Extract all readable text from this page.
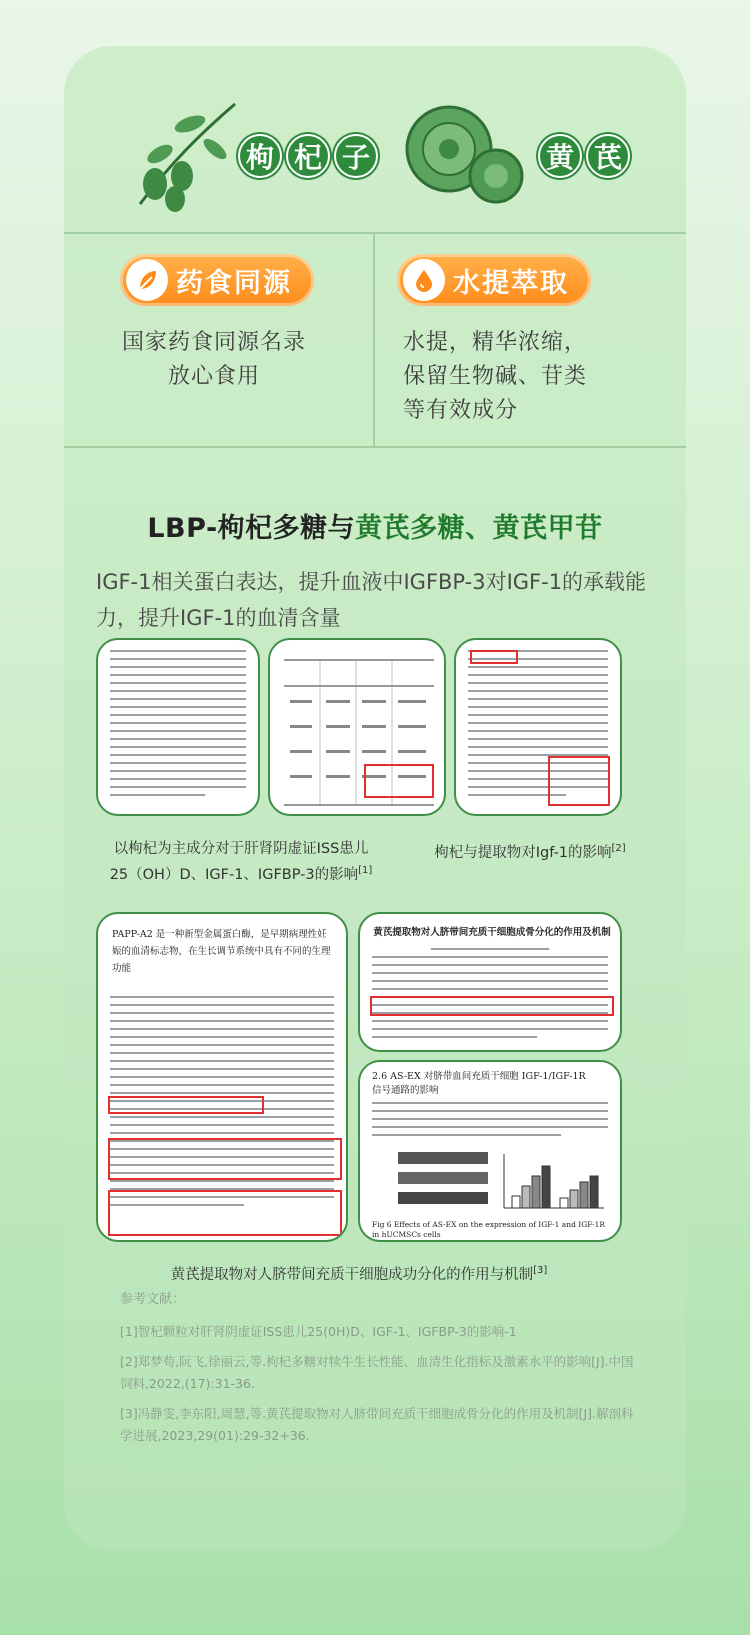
枸 杞 子	黄 芪
药食同源
国家药食同源名录
放心食用
水提萃取
水提，精华浓缩，
保留生物碱、苷类
等有效成分
LBP-枸杞多糖与黄芪多糖、黄芪甲苷
IGF-1相关蛋白表达，提升血液中IGFBP-3对IGF-1的承载能力，提升IGF-1的血清含量
以枸杞为主成分对于肝肾阴虚证ISS患儿
25（OH）D、IGF-1、IGFBP-3的影响[1]
枸杞与提取物对Igf-1的影响[2]
PAPP-A2 是一种新型金属蛋白酶，是早期病理性妊娠的血清标志物，在生长调节系统中具有不同的生理功能
黄芪提取物对人脐带间充质干细胞成骨分化的作用及机制
2.6 AS-EX 对脐带血间充质干细胞 IGF-1/IGF-1R
信号通路的影响
Fig 6 Effects of AS-EX on the expression of IGF-1 and IGF-1R in hUCMSCs cells
黄芪提取物对人脐带间充质干细胞成功分化的作用与机制[3]
参考文献：
[1]智杞颗粒对肝肾阴虚证ISS患儿25(0H)D、IGF-1、IGFBP-3的影响-1
[2]郑梦苟,阮飞,徐丽云,等.枸杞多糖对犊牛生长性能、血清生化指标及激素水平的影响[J].中国饲料,2022,(17):31-36.
[3]冯静雯,李东阳,周慧,等.黄芪提取物对人脐带间充质干细胞成骨分化的作用及机制[J].解剖科学进展,2023,29(01):29-32+36.
